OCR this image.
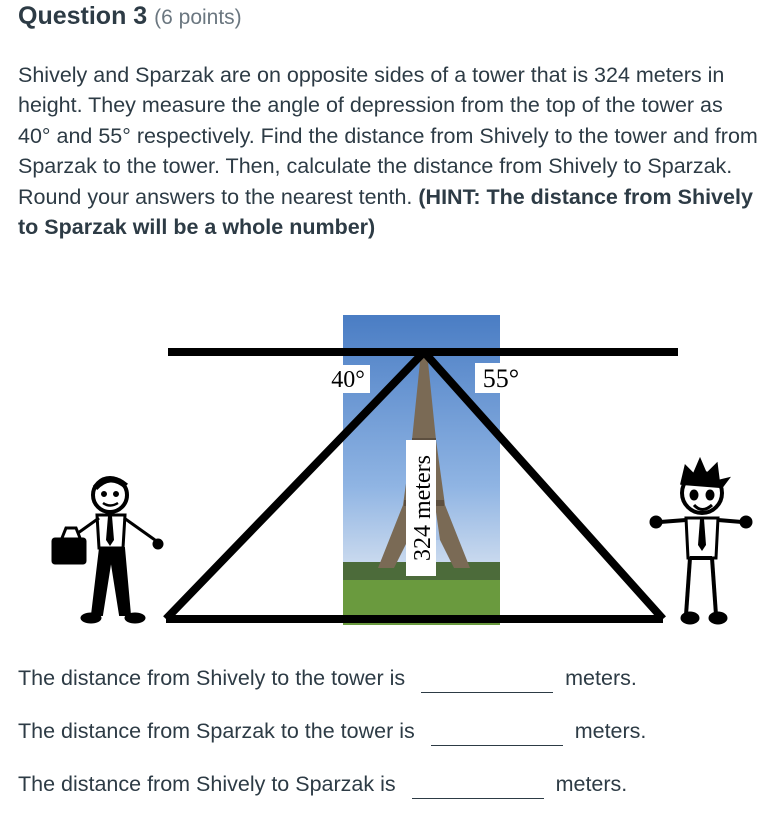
Question 3 (6 points)
Shively and Sparzak are on opposite sides of a tower that is 324 meters in height. They measure the angle of depression from the top of the tower as 40° and 55° respectively. Find the distance from Shively to the tower and from Sparzak to the tower. Then, calculate the distance from Shively to Sparzak. Round your answers to the nearest tenth. (HINT: The distance from Shively to Sparzak will be a whole number)
40°	55°
324 meters
The distance from Shively to the tower is	meters.
The distance from Sparzak to the tower is	meters.
The distance from Shively to Sparzak is	meters.
